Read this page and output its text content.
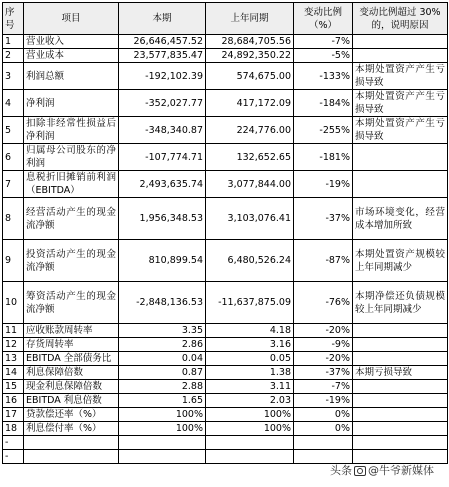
序号	项目	本期	上年同期	变动比例（%）	变动比例超过 30%的，说明原因
1	营业收入	26,646,457.52	28,684,705.56	-7%	
2	营业成本	23,577,835.47	24,892,350.22	-5%	
3	利润总额	-192,102.39	574,675.00	-133%	本期处置资产产生亏损导致
4	净利润	-352,027.77	417,172.09	-184%	本期处置资产产生亏损导致
5	扣除非经常性损益后净利润	-348,340.87	224,776.00	-255%	本期处置资产产生亏损导致
6	归属母公司股东的净利润	-107,774.71	132,652.65	-181%	
7	息税折旧摊销前利润（EBITDA）	2,493,635.74	3,077,844.00	-19%	
8	经营活动产生的现金流净额	1,956,348.53	3,103,076.41	-37%	市场环境变化，经营成本增加所致
9	投资活动产生的现金流净额	810,899.54	6,480,526.24	-87%	本期处置资产规模较上年同期减少
10	筹资活动产生的现金流净额	-2,848,136.53	-11,637,875.09	-76%	本期净偿还负债规模较上年同期减少
11	应收账款周转率	3.35	4.18	-20%	
12	存货周转率	2.86	3.16	-9%	
13	EBITDA 全部债务比	0.04	0.05	-20%	
14	利息保障倍数	0.87	1.38	-37%	本期亏损导致
15	现金利息保障倍数	2.88	3.11	-7%	
16	EBITDA 利息倍数	1.65	2.03	-19%	
17	贷款偿还率（%）	100%	100%	0%	
18	利息偿付率（%）	100%	100%	0%	
-					
-					
头条 @牛爷新媒体
